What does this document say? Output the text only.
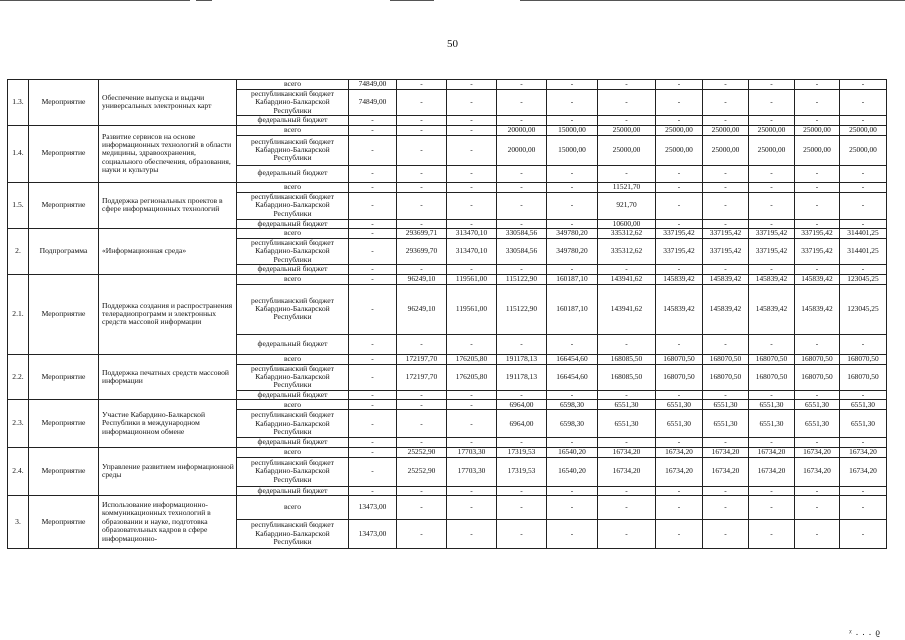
50
1.3.	Мероприятие	Обеспечение выпуска и выдачи универсальных электронных карт	всего	74849,00	-	-	-	-	-	-	-	-	-	-
			республиканский бюджет Кабардино-Балкарской Республики	74849,00	-	-	-	-	-	-	-	-	-	-
			федеральный бюджет	-	-	-	-	-	-	-	-	-	-	-
1.4.	Мероприятие	Развитие сервисов на основе информационных технологий в области медицины, здравоохранения, социального обеспечения, образования, науки и культуры	всего	-	-	-	20000,00	15000,00	25000,00	25000,00	25000,00	25000,00	25000,00	25000,00
			республиканский бюджет Кабардино-Балкарской Республики	-	-	-	20000,00	15000,00	25000,00	25000,00	25000,00	25000,00	25000,00	25000,00
			федеральный бюджет	-	-	-	-	-	-	-	-	-	-	-
1.5.	Мероприятие	Поддержка региональных проектов в сфере информационных технологий	всего	-	-	-	-	-	11521,70	-	-	-	-	-
			республиканский бюджет Кабардино-Балкарской Республики	-	-	-	-	-	921,70	-	-	-	-	-
			федеральный бюджет	-	-	-	-	-	10600,00	-	-	-	-	-
2.	Подпрограмма	«Информационная среда»	всего	-	293699,71	313470,10	330584,56	349780,20	335312,62	337195,42	337195,42	337195,42	337195,42	314401,25
			республиканский бюджет Кабардино-Балкарской Республики	-	293699,70	313470,10	330584,56	349780,20	335312,62	337195,42	337195,42	337195,42	337195,42	314401,25
			федеральный бюджет	-	-	-	-	-	-	-	-	-	-	-
2.1.	Мероприятие	Поддержка создания и распространения телерадиопрограмм и электронных средств массовой информации	всего	-	96249,10	119561,00	115122,90	160187,10	143941,62	145839,42	145839,42	145839,42	145839,42	123045,25
			республиканский бюджет Кабардино-Балкарской Республики	-	96249,10	119561,00	115122,90	160187,10	143941,62	145839,42	145839,42	145839,42	145839,42	123045,25
			федеральный бюджет	-	-	-	-	-	-	-	-	-	-	-
2.2.	Мероприятие	Поддержка печатных средств массовой информации	всего	-	172197,70	176205,80	191178,13	166454,60	168085,50	168070,50	168070,50	168070,50	168070,50	168070,50
			республиканский бюджет Кабардино-Балкарской Республики	-	172197,70	176205,80	191178,13	166454,60	168085,50	168070,50	168070,50	168070,50	168070,50	168070,50
			федеральный бюджет	-	-	-	-	-	-	-	-	-	-	-
2.3.	Мероприятие	Участие Кабардино-Балкарской Республики в международном информационном обмене	всего	-	-	-	6964,00	6598,30	6551,30	6551,30	6551,30	6551,30	6551,30	6551,30
			республиканский бюджет Кабардино-Балкарской Республики	-	-	-	6964,00	6598,30	6551,30	6551,30	6551,30	6551,30	6551,30	6551,30
			федеральный бюджет	-	-	-	-	-	-	-	-	-	-	-
2.4.	Мероприятие	Управление развитием информационной среды	всего	-	25252,90	17703,30	17319,53	16540,20	16734,20	16734,20	16734,20	16734,20	16734,20	16734,20
			республиканский бюджет Кабардино-Балкарской Республики	-	25252,90	17703,30	17319,53	16540,20	16734,20	16734,20	16734,20	16734,20	16734,20	16734,20
			федеральный бюджет	-	-	-	-	-	-	-	-	-	-	-
3.	Мероприятие	Использование информационно-коммуникационных технологий в образовании и науке, подготовка образовательных кадров в сфере информационно-	всего	13473,00	-	-	-	-	-	-	-	-	-	-
			республиканский бюджет Кабардино-Балкарской Республики	13473,00	-	-	-	-	-	-	-	-	-	-
ᵡ . . . ϱ
